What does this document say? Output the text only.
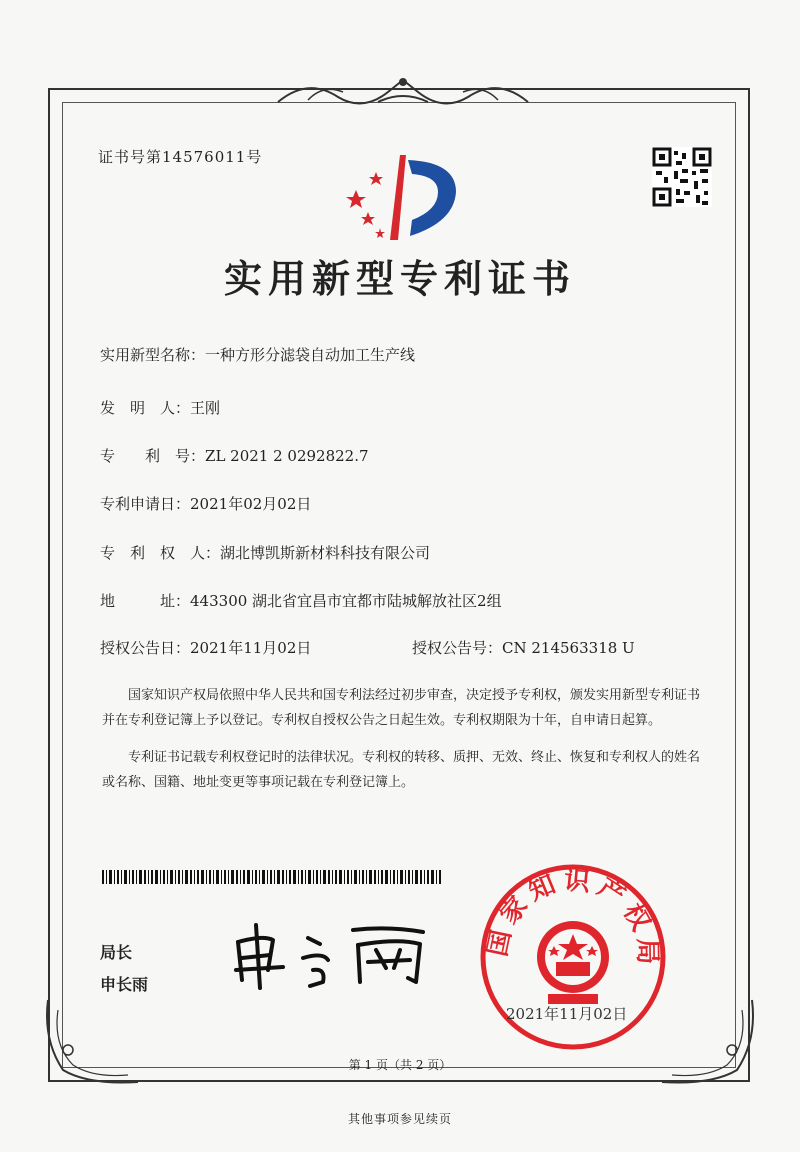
证书号第14576011号
实用新型专利证书
实用新型名称：一种方形分滤袋自动加工生产线
发　明　人：王刚
专　　利　号：ZL 2021 2 0292822.7
专利申请日：2021年02月02日
专　利　权　人：湖北博凯斯新材料科技有限公司
地　　　址：443300 湖北省宜昌市宜都市陆城解放社区2组
授权公告日：2021年11月02日	授权公告号：CN 214563318 U
国家知识产权局依照中华人民共和国专利法经过初步审查，决定授予专利权，颁发实用新型专利证书并在专利登记簿上予以登记。专利权自授权公告之日起生效。专利权期限为十年，自申请日起算。
专利证书记载专利权登记时的法律状况。专利权的转移、质押、无效、终止、恢复和专利权人的姓名或名称、国籍、地址变更等事项记载在专利登记簿上。
局长
申长雨
国家知识产权局
2021年11月02日
第 1 页（共 2 页）
其他事项参见续页
